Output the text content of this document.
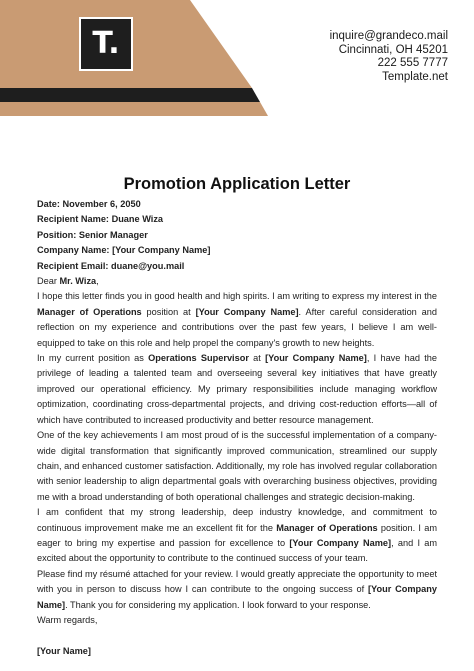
T.	inquire@grandeco.mail
Cincinnati, OH 45201
222 555 7777
Template.net
Promotion Application Letter
Date: November 6, 2050
Recipient Name: Duane Wiza
Position: Senior Manager
Company Name: [Your Company Name]
Recipient Email: duane@you.mail
Dear Mr. Wiza,
I hope this letter finds you in good health and high spirits. I am writing to express my interest in the Manager of Operations position at [Your Company Name]. After careful consideration and reflection on my experience and contributions over the past few years, I believe I am well-equipped to take on this role and help propel the company's growth to new heights.
In my current position as Operations Supervisor at [Your Company Name], I have had the privilege of leading a talented team and overseeing several key initiatives that have greatly improved our operational efficiency. My primary responsibilities include managing workflow optimization, coordinating cross-departmental projects, and driving cost-reduction efforts—all of which have contributed to increased productivity and better resource management.
One of the key achievements I am most proud of is the successful implementation of a company-wide digital transformation that significantly improved communication, streamlined our supply chain, and enhanced customer satisfaction. Additionally, my role has involved regular collaboration with senior leadership to align departmental goals with overarching business objectives, providing me with a broad understanding of both operational challenges and strategic decision-making.
I am confident that my strong leadership, deep industry knowledge, and commitment to continuous improvement make me an excellent fit for the Manager of Operations position. I am eager to bring my expertise and passion for excellence to [Your Company Name], and I am excited about the opportunity to contribute to the continued success of your team.
Please find my résumé attached for your review. I would greatly appreciate the opportunity to meet with you in person to discuss how I can contribute to the ongoing success of [Your Company Name]. Thank you for considering my application. I look forward to your response.
Warm regards,

[Your Name]
